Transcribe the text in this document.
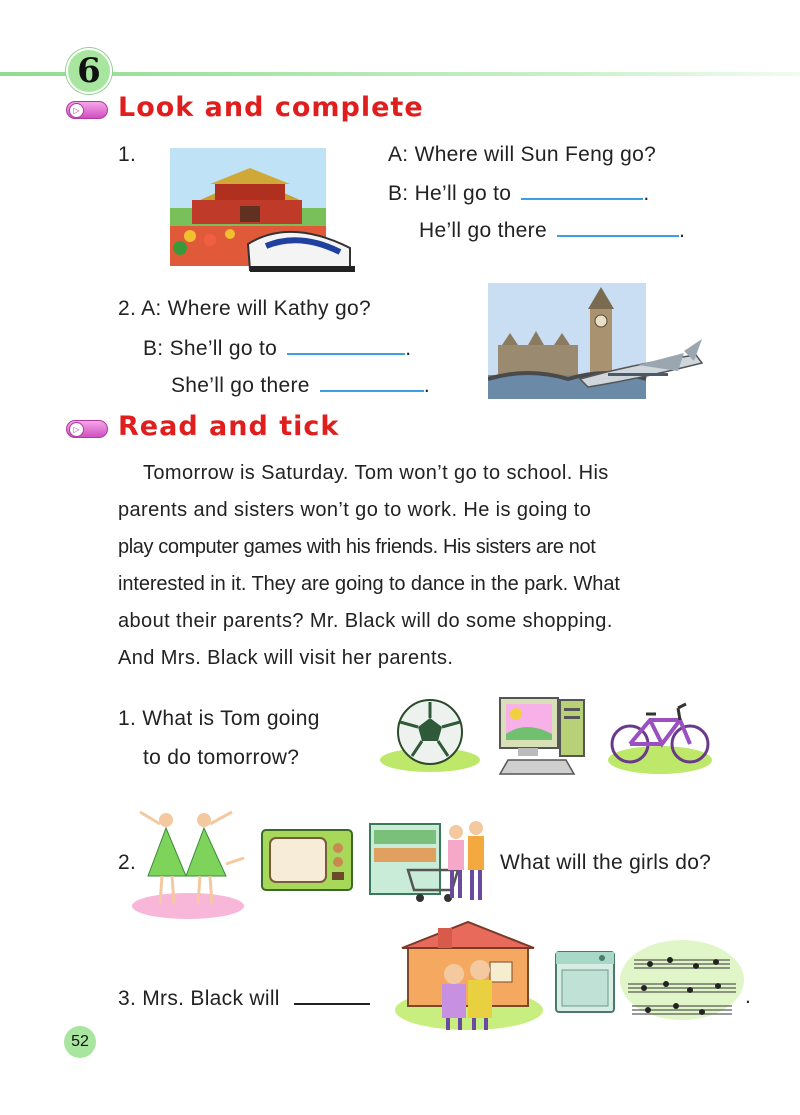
6
▷ Look and complete
1.	A: Where will Sun Feng go?
B: He’ll go to	.
He’ll go there	.
2. A: Where will Kathy go?
B: She’ll go to	.
She’ll go there	.
▷ Read and tick
Tomorrow is Saturday. Tom won’t go to school. His
parents and sisters won’t go to work. He is going to
play computer games with his friends. His sisters are not
interested in it. They are going to dance in the park. What
about their parents? Mr. Black will do some shopping.
And Mrs. Black will visit her parents.
1. What is Tom going
to do tomorrow?
2.	What will the girls do?
3. Mrs. Black will	.
52
